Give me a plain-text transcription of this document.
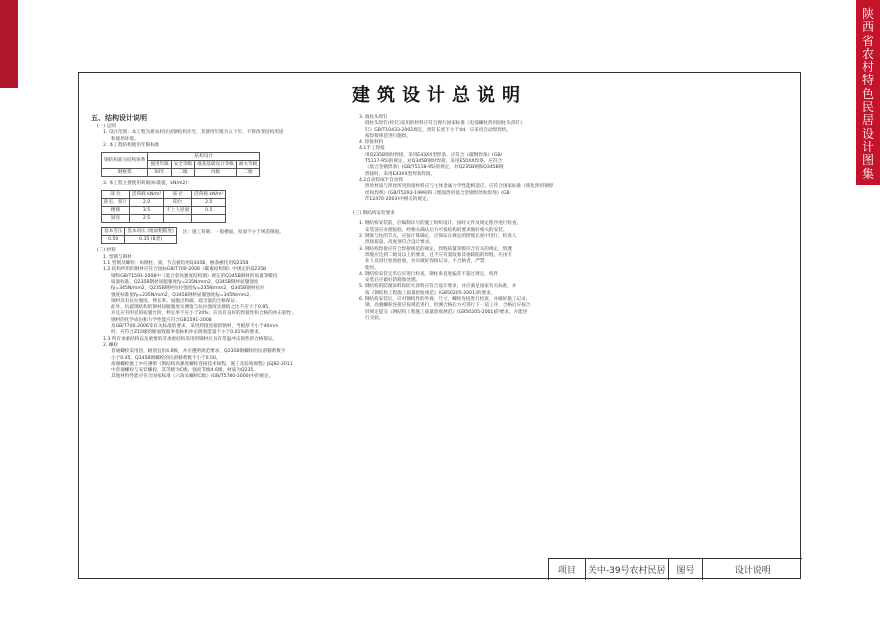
陕
西
省
农
村
特
色
民
居
设
计
图
集
建筑设计总说明

五、结构设计说明

(一) 总则

1. 设计范围：本工程为新农村民居钢结构住宅，其使用年限为五十年，不得改变结构用途

和使用环境。

2. 本工程结构使用年限标准

钢结构部分结构体系	结构设计			
	使用年限	安全等级	地基基础设计等级	耐火等级
钢框架	50年	二级	丙级	二级

3. 本工程主要使用荷载(标准值，kN/m2)：

部 位	活荷载 kN/m²	部 位	活荷载 kN/m²
卧室、客厅	2.0	阳台	2.5
楼梯	3.5	不上人屋面	0.5
厨房	2.5		
基本雪压	基本风压 (地面粗糙度)
0.50	0.35 (B类)
注：施工荷载：一般楼面，屋面不小于规范限值。

(二) 材料

1. 型钢与钢材

1.1 型钢及螺栓：角钢柱、梁、节点板均用Q345B，檩条檩托用Q235B

1.2 结构所用的钢材应符合国标GB/T700-2006《碳素结构钢》中规定的Q235B

钢和GB/T1591-2008中《低合金高强度结构钢》规定的Q345B钢材的质量等级均

质量标准，Q235B钢材屈服强度fy=235N/mm2，Q345B钢材屈服强度

fy=345N/mm2，Q235B钢材抗拉强度fy=235N/mm2，Q345B钢材抗拉

强度标准值fy=235N/mm2，Q345B钢材屈服强度fy=345N/mm2。

钢材具有抗拉强度、伸长率、屈服点和碳、硫含量的合格保证；

此外，抗震钢结构的钢材屈服强度实测值与抗拉强度实测值之比不应大于0.85，

并且应有明显的屈服台阶，伸长率不应小于20%；应具有良好的焊接性和合格的冲击韧性；

钢材的化学成份和力学性能应符合GB1591-2008

及GB/T700-2006等有关标准的要求，采用焊接连接的钢材，当板厚不小于40mm

时，应符合Z15级的断面收缩率指标和冲击吸收能量不小于0.01%的要求。

1.3 所有承重结构以及重要的非承重结构采用的钢材应具有常温冲击韧性的合格保证。

2. 螺栓

普通螺栓采用热，级别宜用4.6级，并应遵照规范要求，Q235B钢螺栓的抗滑移系数不

小于0.45，Q345B钢螺栓的抗滑移系数不小于0.50。

高强螺栓施工中应遵照《钢结构高强度螺栓连接技术规程，施工及验收规程》JGJ82-2011

中普通螺栓与安装螺栓，其等级为C级，强度等级4.6级，材质为Q235。

其他材料性能应符合国家标准《六角头螺栓C级》(GB/T5780-2000)中的规定。

3. 圆柱头焊钉

圆柱头焊钉(栓钉)采用的材料应符合现行国家标准《电弧螺柱焊用圆柱头焊钉》

钉》GB/T10433-2002规定，焊钉长度不小于4d，应采用自动焊焊机，

按焊接规范进行施焊。

4. 焊接材料

4.1手工焊接

用Q235B钢时焊接，采用E43XX型焊条，应符合《碳钢焊条》(GB/

T5117-95)的规定，对Q345B钢时焊接，采用E50XX焊条，应符合

《低合金钢焊条》(GB/T5118-95)的规定，对Q235B钢和Q345B钢

焊接时，采用E43XX型焊条焊接。

4.2自动焊或半自动焊

焊丝材质与焊丝所用焊接材料应与主体金属力学性能相适应，应符合国家标准《熔化焊用钢焊

丝和焊剂》(GB/T5293-1999)和《埋弧焊用低合金钢焊丝和焊剂》(GB

/T12470-2003)中相关的规定。

(三) 钢结构安装要求

1. 钢结构安装前，应编制详尽的施工组织设计，按时文件及规定程序进行检查，

安装前应办理报验，经相关确认后方可按结构的要求做好相关的安装。

2. 钢梁与柱的节点，应按计算确定，应保证在规定的焊缝长度中进行，检查人

焊接质量，高度须符合设计要求。

3. 钢结构焊接应符合焊接规范的规定，焊缝质量等级符合有关的规定，熔透

焊缝应达到二级及以上的要求，且不应有裂纹和其他缺陷的焊缝，应由专

业人员进行检查验收，并应做好焊接记录，不合格者，严禁

使用。

4. 钢结构安装完毕后应进行检查，钢柱垂直度偏差不超过规定，构件

安装后应做好防腐蚀处理。

5. 钢结构的防腐涂料和防火涂料应符合设计要求，并应满足国家有关标准，并

按《钢结构工程施工质量验收规范》(GB50205-2001)的要求。

6. 钢结构安装后，应对钢构件的外观、尺寸、螺栓连接进行检查，并做好施工记录，

钢、高强螺栓连接应按规范进行，检测合格后方可进行下一道工序，合格后应按合

同规定提交《钢结构工程施工质量验收规范》(GB50205-2001)的要求，方能进

行交验。

项目	关中-39号农村民居	图号	设计说明
